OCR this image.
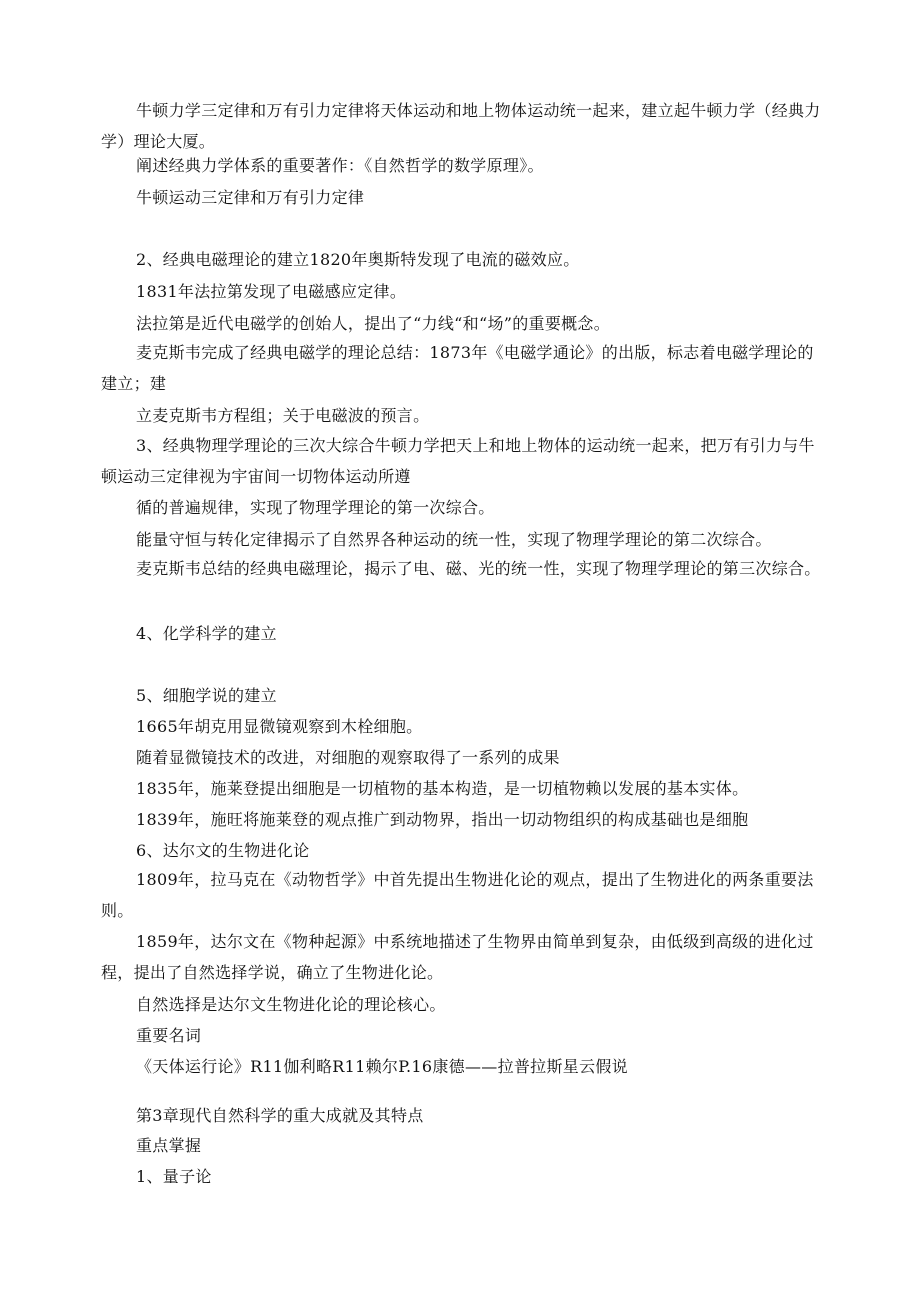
牛顿力学三定律和万有引力定律将天体运动和地上物体运动统一起来，建立起牛顿力学（经典力学）理论大厦。
阐述经典力学体系的重要著作：《自然哲学的数学原理》。
牛顿运动三定律和万有引力定律
2、经典电磁理论的建立1820年奥斯特发现了电流的磁效应。
1831年法拉第发现了电磁感应定律。
法拉第是近代电磁学的创始人，提出了“力线“和“场”的重要概念。
麦克斯韦完成了经典电磁学的理论总结：1873年《电磁学通论》的出版，标志着电磁学理论的建立；建
立麦克斯韦方程组；关于电磁波的预言。
3、经典物理学理论的三次大综合牛顿力学把天上和地上物体的运动统一起来，把万有引力与牛顿运动三定律视为宇宙间一切物体运动所遵
循的普遍规律，实现了物理学理论的第一次综合。
能量守恒与转化定律揭示了自然界各种运动的统一性，实现了物理学理论的第二次综合。
麦克斯韦总结的经典电磁理论，揭示了电、磁、光的统一性，实现了物理学理论的第三次综合。
4、化学科学的建立
5、细胞学说的建立
1665年胡克用显微镜观察到木栓细胞。
随着显微镜技术的改进，对细胞的观察取得了一系列的成果
1835年，施莱登提出细胞是一切植物的基本构造，是一切植物赖以发展的基本实体。
1839年，施旺将施莱登的观点推广到动物界，指出一切动物组织的构成基础也是细胞
6、达尔文的生物进化论
1809年，拉马克在《动物哲学》中首先提出生物进化论的观点，提出了生物进化的两条重要法则。
1859年，达尔文在《物种起源》中系统地描述了生物界由简单到复杂，由低级到高级的进化过程，提出了自然选择学说，确立了生物进化论。
自然选择是达尔文生物进化论的理论核心。
重要名词
《天体运行论》R11伽利略R11赖尔P.16康德——拉普拉斯星云假说
第3章现代自然科学的重大成就及其特点
重点掌握
1、量子论
